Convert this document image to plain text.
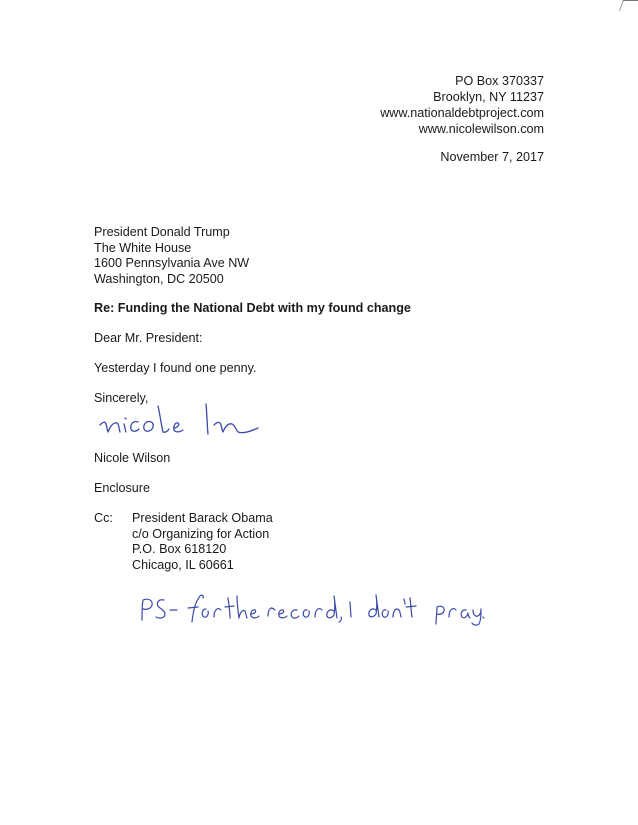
PO Box 370337
Brooklyn, NY 11237
www.nationaldebtproject.com
www.nicolewilson.com
November 7, 2017
President Donald Trump
The White House
1600 Pennsylvania Ave NW
Washington, DC 20500
Re: Funding the National Debt with my found change
Dear Mr. President:
Yesterday I found one penny.
Sincerely,
Nicole Wilson
Enclosure
Cc: President Barack Obama
c/o Organizing for Action
P.O. Box 618120
Chicago, IL 60661
